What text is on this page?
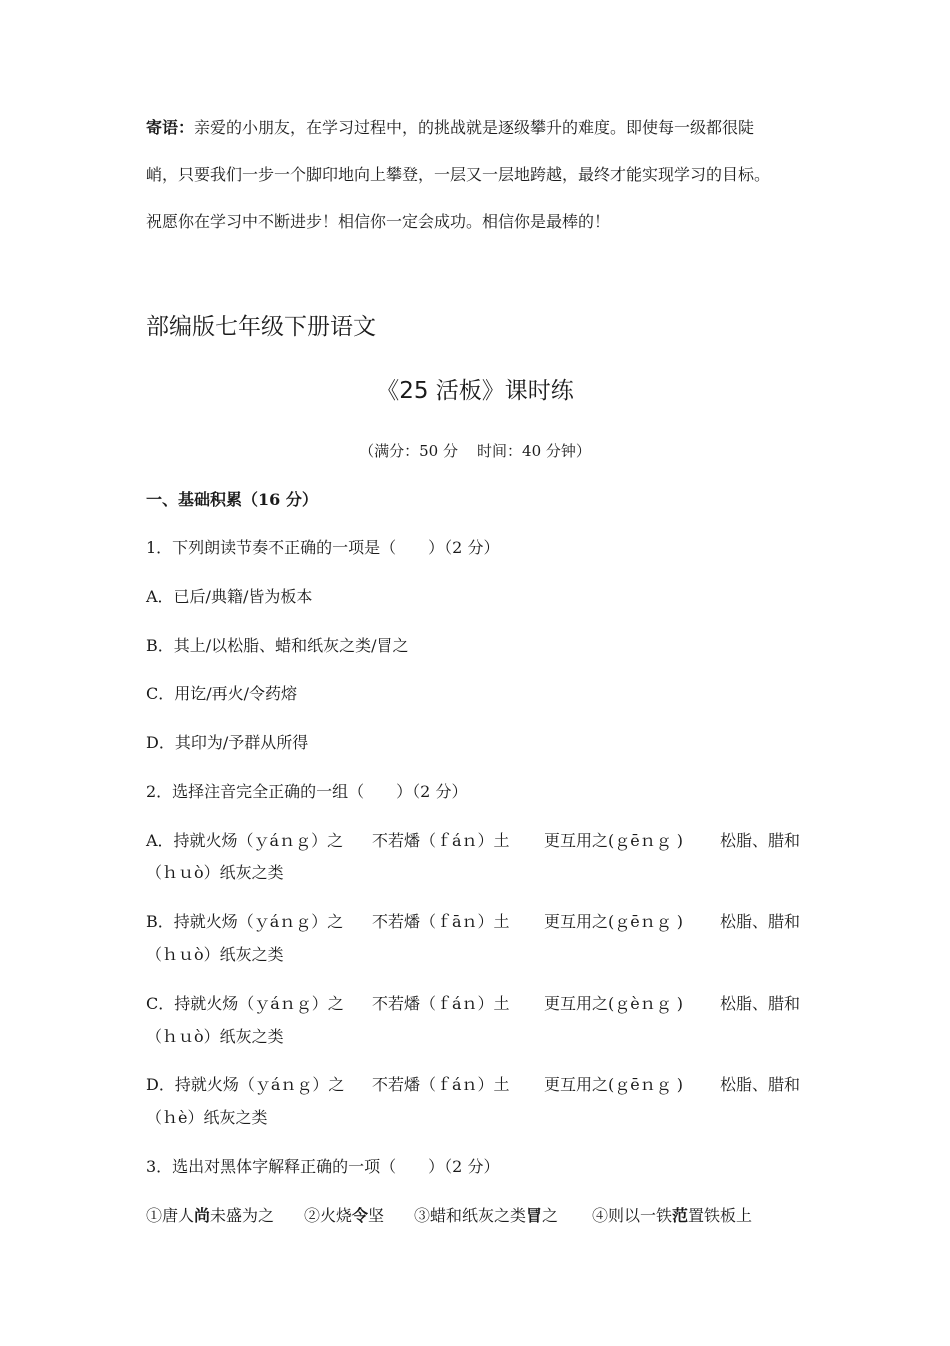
寄语：亲爱的小朋友，在学习过程中，的挑战就是逐级攀升的难度。即使每一级都很陡
峭，只要我们一步一个脚印地向上攀登，一层又一层地跨越，最终才能实现学习的目标。
祝愿你在学习中不断进步！相信你一定会成功。相信你是最棒的！
部编版七年级下册语文
《25 活板》课时练
（满分：50 分    时间：40 分钟）
一、基础积累（16 分）
1．下列朗读节奏不正确的一项是（　　）（2 分）
A．已后/典籍/皆为板本
B．其上/以松脂、蜡和纸灰之类/冒之
C．用讫/再火/令药熔
D．其印为/予群从所得
2．选择注音完全正确的一组（　　）（2 分）
A．持就火炀（ｙáｎｇ）之 不若燔（ｆáｎ）土 更互用之(ｇēｎｇ ) 松脂、腊和
（ｈｕò）纸灰之类
B．持就火炀（ｙáｎｇ）之 不若燔（ｆāｎ）土 更互用之(ｇēｎｇ ) 松脂、腊和
（ｈｕò）纸灰之类
C．持就火炀（ｙáｎｇ）之 不若燔（ｆáｎ）土 更互用之(ｇèｎｇ ) 松脂、腊和
（ｈｕò）纸灰之类
D．持就火炀（ｙáｎｇ）之 不若燔（ｆáｎ）土 更互用之(ｇēｎｇ ) 松脂、腊和
（ｈè）纸灰之类
3．选出对黑体字解释正确的一项（　　）（2 分）
①唐人尚未盛为之 ②火烧令坚 ③蜡和纸灰之类冒之 ④则以一铁范置铁板上
